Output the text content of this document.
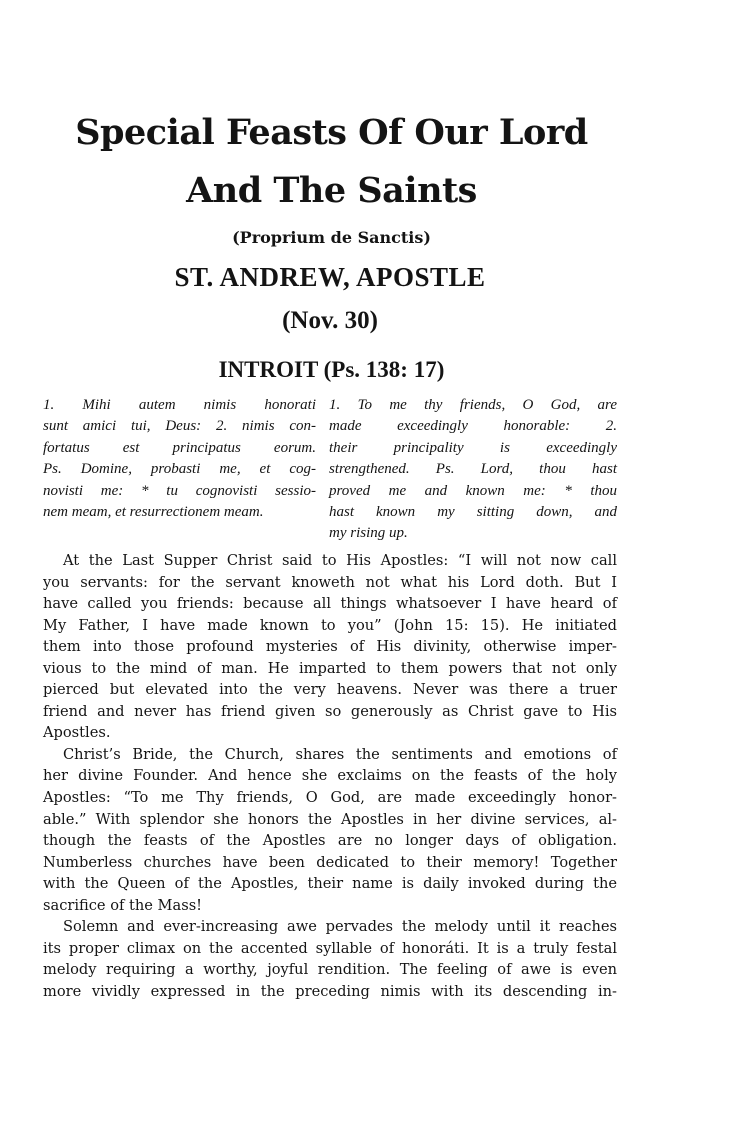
Special Feasts Of Our Lord
And The Saints
(Proprium de Sanctis)
ST. ANDREW, APOSTLE
(Nov. 30)
INTROIT (Ps. 138: 17)
1. Mihi autem nimis honorati
sunt amici tui, Deus: 2. nimis con-
fortatus est principatus eorum.
Ps. Domine, probasti me, et cog-
novisti me: * tu cognovisti sessio-
nem meam, et resurrectionem meam.
1. To me thy friends, O God, are
made exceedingly honorable: 2.
their principality is exceedingly
strengthened. Ps. Lord, thou hast
proved me and known me: * thou
hast known my sitting down, and
my rising up.
At the Last Supper Christ said to His Apostles: “I will not now call
you servants: for the servant knoweth not what his Lord doth. But I
have called you friends: because all things whatsoever I have heard of
My Father, I have made known to you” (John 15: 15). He initiated
them into those profound mysteries of His divinity, otherwise imper-
vious to the mind of man. He imparted to them powers that not only
pierced but elevated into the very heavens. Never was there a truer
friend and never has friend given so generously as Christ gave to His
Apostles.
Christ’s Bride, the Church, shares the sentiments and emotions of
her divine Founder. And hence she exclaims on the feasts of the holy
Apostles: “To me Thy friends, O God, are made exceedingly honor-
able.” With splendor she honors the Apostles in her divine services, al-
though the feasts of the Apostles are no longer days of obligation.
Numberless churches have been dedicated to their memory! Together
with the Queen of the Apostles, their name is daily invoked during the
sacrifice of the Mass!
Solemn and ever-increasing awe pervades the melody until it reaches
its proper climax on the accented syllable of honoráti. It is a truly festal
melody requiring a worthy, joyful rendition. The feeling of awe is even
more vividly expressed in the preceding nimis with its descending in-
